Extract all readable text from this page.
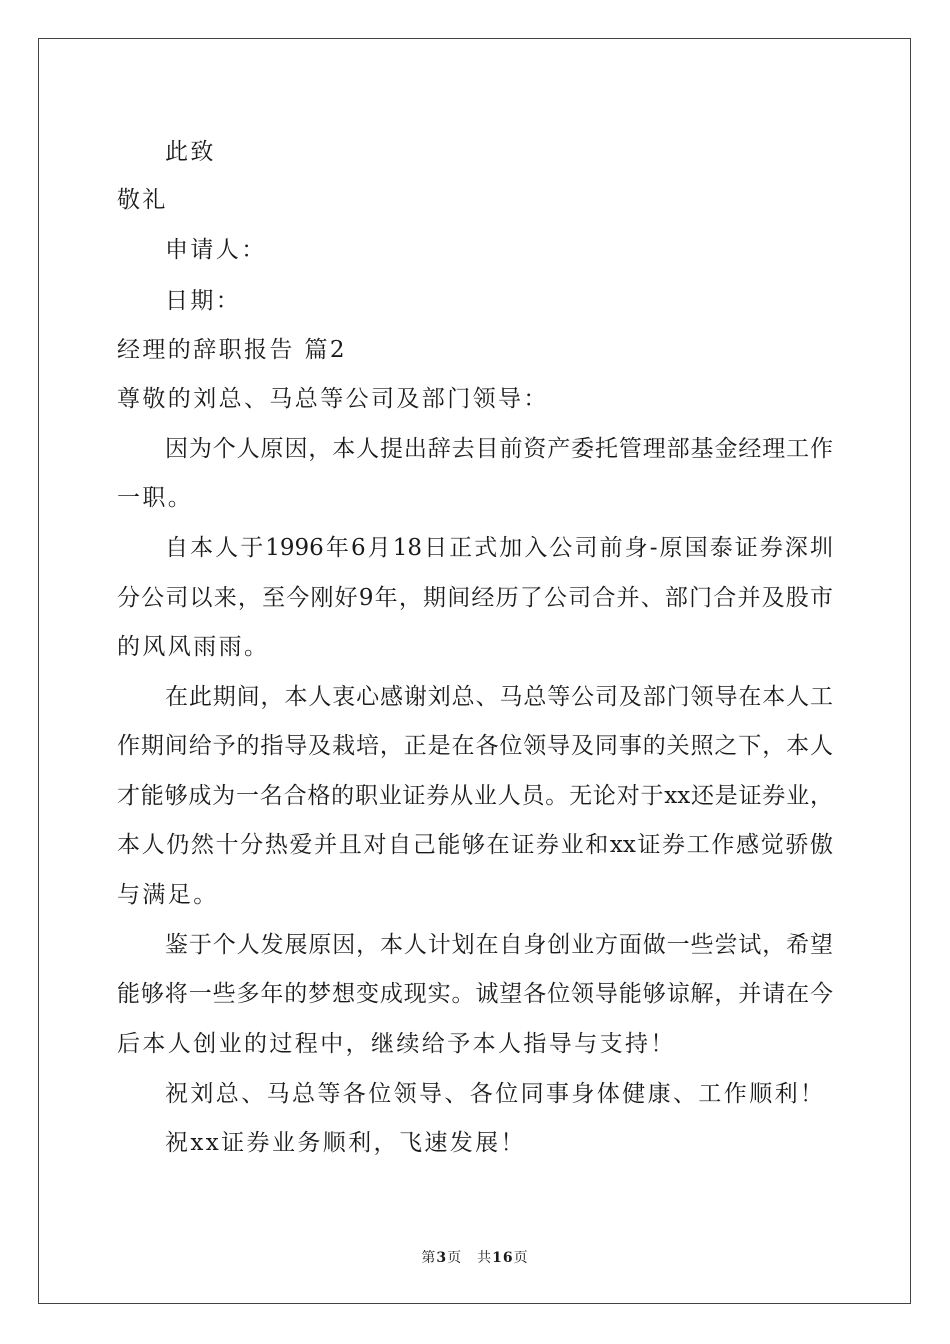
此致
敬礼
申请人：
日期：
经理的辞职报告 篇2
尊敬的刘总、马总等公司及部门领导：
因为个人原因，本人提出辞去目前资产委托管理部基金经理工作
一职。
自本人于1996年6月18日正式加入公司前身-原国泰证券深圳
分公司以来，至今刚好9年，期间经历了公司合并、部门合并及股市
的风风雨雨。
在此期间，本人衷心感谢刘总、马总等公司及部门领导在本人工
作期间给予的指导及栽培，正是在各位领导及同事的关照之下，本人
才能够成为一名合格的职业证券从业人员。无论对于xx还是证券业，
本人仍然十分热爱并且对自己能够在证券业和xx证券工作感觉骄傲
与满足。
鉴于个人发展原因，本人计划在自身创业方面做一些尝试，希望
能够将一些多年的梦想变成现实。诚望各位领导能够谅解，并请在今
后本人创业的过程中，继续给予本人指导与支持！
祝刘总、马总等各位领导、各位同事身体健康、工作顺利！
祝xx证券业务顺利，飞速发展！
第3页　共16页
